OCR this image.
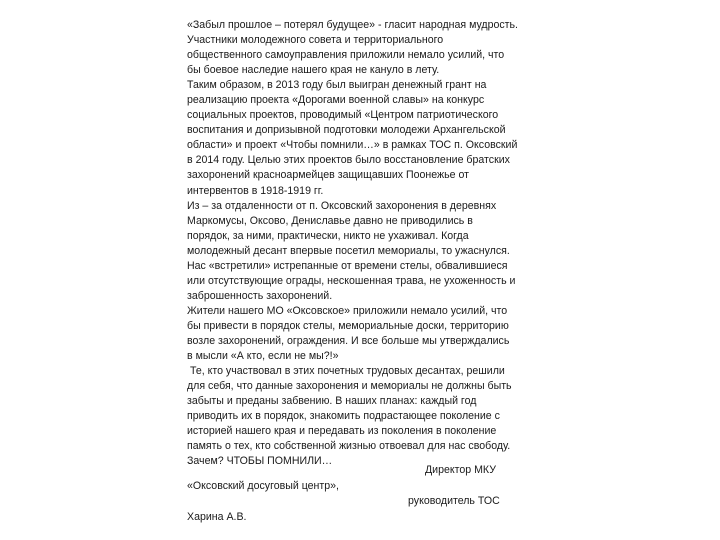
«Забыл прошлое – потерял будущее» - гласит народная мудрость.
Участники молодежного совета и территориального
общественного самоуправления приложили немало усилий, что
бы боевое наследие нашего края не кануло в лету.
Таким образом, в 2013 году был выигран денежный грант на
реализацию проекта «Дорогами военной славы» на конкурс
социальных проектов, проводимый «Центром патриотического
воспитания и допризывной подготовки молодежи Архангельской
области» и проект «Чтобы помнили…» в рамках ТОС п. Оксовский
в 2014 году. Целью этих проектов было восстановление братских
захоронений красноармейцев защищавших Поонежье от
интервентов в 1918-1919 гг.
Из – за отдаленности от п. Оксовский захоронения в деревнях
Маркомусы, Оксово, Дениславье давно не приводились в
порядок, за ними, практически, никто не ухаживал. Когда
молодежный десант впервые посетил мемориалы, то ужаснулся.
Нас «встретили» истрепанные от времени стелы, обвалившиеся
или отсутствующие ограды, нескошенная трава, не ухоженность и
заброшенность захоронений.
Жители нашего МО «Оксовское» приложили немало усилий, что
бы привести в порядок стелы, мемориальные доски, территорию
возле захоронений, ограждения. И все больше мы утверждались
в мысли «А кто, если не мы?!»
Те, кто участвовал в этих почетных трудовых десантах, решили
для себя, что данные захоронения и мемориалы не должны быть
забыты и преданы забвению. В наших планах: каждый год
приводить их в порядок, знакомить подрастающее поколение с
историей нашего края и передавать из поколения в поколение
память о тех, кто собственной жизнью отвоевал для нас свободу.
Зачем? ЧТОБЫ ПОМНИЛИ…
Директор МКУ
«Оксовский досуговый центр»,
руководитель ТОС
Харина А.В.
